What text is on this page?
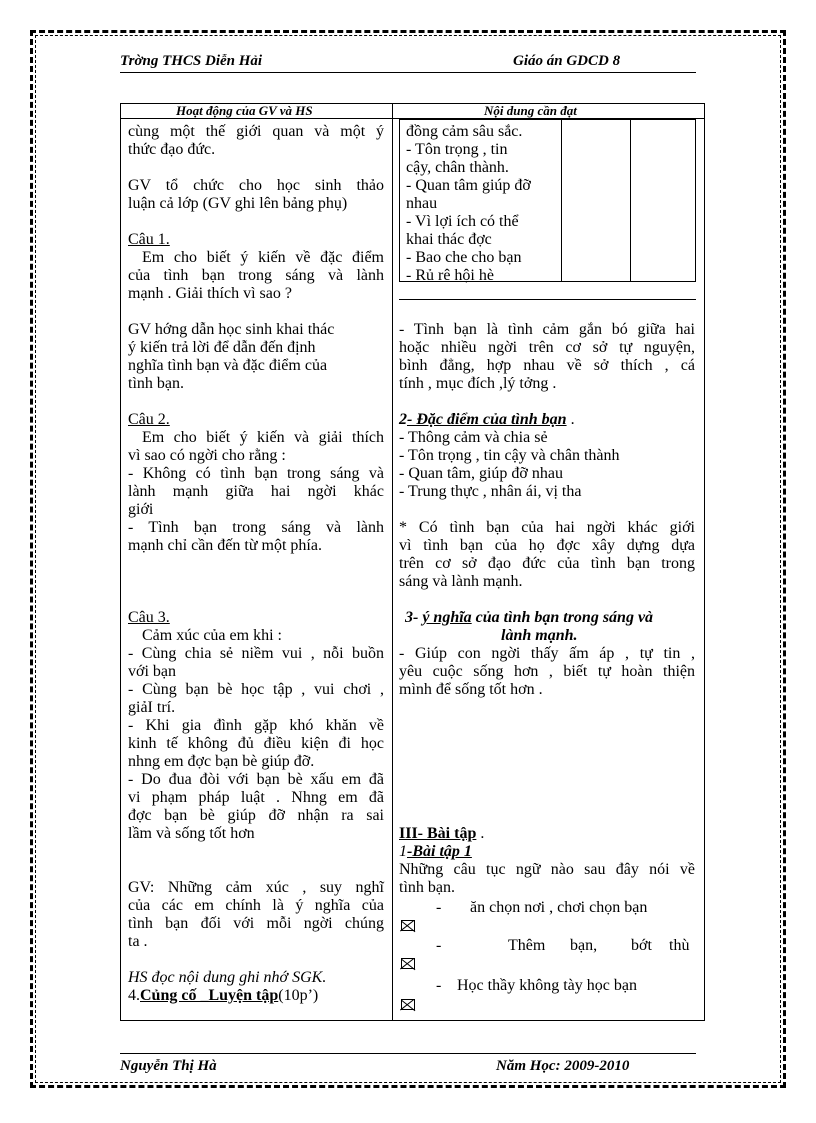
Trờng THCS Diễn Hải	Giáo án GDCD 8
Hoạt động của GV và HS	Nội dung cần đạt
cùng một thế giới quan và một ý
thức đạo đức.
GV tổ chức cho học sinh thảo
luận cả lớp (GV ghi lên bảng phụ)
Câu 1.
Em cho biết ý kiến về đặc điểm
của tình bạn trong sáng và lành
mạnh . Giải thích vì sao ?
GV hớng dẫn học sinh khai thác
ý kiến trả lời để dẫn đến định
nghĩa tình bạn và đặc điểm của
tình bạn.
Câu 2.
Em cho biết ý kiến và giải thích
vì sao có ngời cho rằng :
- Không có tình bạn trong sáng và
lành mạnh giữa hai ngời khác
giới
- Tình bạn trong sáng và lành
mạnh chỉ cần đến từ một phía.
Câu 3.
Cảm xúc của em khi :
- Cùng chia sẻ niềm vui , nỗi buồn
với bạn
- Cùng bạn bè học tập , vui chơi ,
giảI trí.
- Khi gia đình gặp khó khăn về
kinh tế không đủ điều kiện đi học
nhng em đợc bạn bè giúp đỡ.
- Do đua đòi với bạn bè xấu em đã
vi phạm pháp luật . Nhng em đã
đợc bạn bè giúp đỡ nhận ra sai
lầm và sống tốt hơn
GV: Những cảm xúc , suy nghĩ
của các em chính là ý nghĩa của
tình bạn đối với mỗi ngời chúng
ta .
HS đọc nội dung ghi nhớ SGK.
4.Củng cố _Luyện tập(10p’)
đồng cảm sâu sắc.
- Tôn trọng , tin
cậy, chân thành.
- Quan tâm giúp đỡ
nhau
- Vì lợi ích có thể
khai thác đợc
- Bao che cho bạn
- Rủ rê hội hè
- Tình bạn là tình cảm gắn bó giữa hai
hoặc nhiều ngời trên cơ sở tự nguyện,
bình đẳng, hợp nhau về sở thích , cá
tính , mục đích ,lý tởng .
2- Đặc điểm của tình bạn .
- Thông cảm và chia sẻ
- Tôn trọng , tin cậy và chân thành
- Quan tâm, giúp đỡ nhau
- Trung thực , nhân ái, vị tha
* Có tình bạn của hai ngời khác giới
vì tình bạn của họ đợc xây dựng dựa
trên cơ sở đạo đức của tình bạn trong
sáng và lành mạnh.
3- ý nghĩa của tình bạn trong sáng và
lành mạnh.
- Giúp con ngời thấy ấm áp , tự tin ,
yêu cuộc sống hơn , biết tự hoàn thiện
mình để sống tốt hơn .
III- Bài tập .
1-Bài tập 1
Những câu tục ngữ nào sau đây nói về
tình bạn.
- ăn chọn nơi , chơi chọn bạn
-	Thêm bạn, bớt thù
- Học thầy không tày học bạn
Nguyễn Thị Hà	Năm Học: 2009-2010
